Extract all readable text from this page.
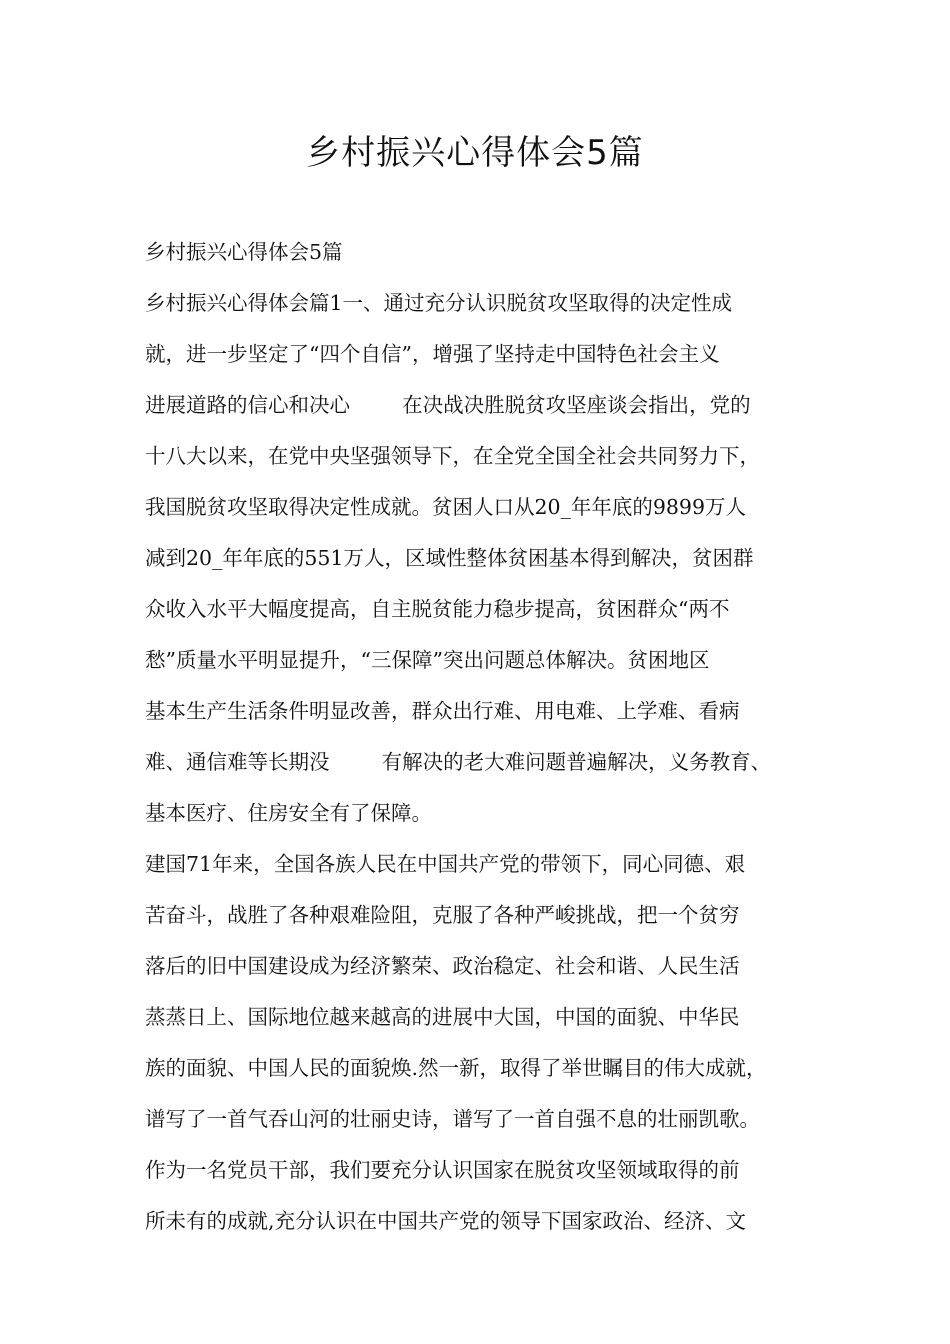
乡村振兴心得体会5篇
乡村振兴心得体会5篇
乡村振兴心得体会篇1一、通过充分认识脱贫攻坚取得的决定性成
就，进一步坚定了“四个自信”，增强了坚持走中国特色社会主义
进展道路的信心和决心        在决战决胜脱贫攻坚座谈会指出，党的
十八大以来，在党中央坚强领导下，在全党全国全社会共同努力下，
我国脱贫攻坚取得决定性成就。贫困人口从20_年年底的9899万人
减到20_年年底的551万人，区域性整体贫困基本得到解决，贫困群
众收入水平大幅度提高，自主脱贫能力稳步提高，贫困群众“两不
愁”质量水平明显提升，“三保障”突出问题总体解决。贫困地区
基本生产生活条件明显改善，群众出行难、用电难、上学难、看病
难、通信难等长期没        有解决的老大难问题普遍解决，义务教育、
基本医疗、住房安全有了保障。
建国71年来，全国各族人民在中国共产党的带领下，同心同德、艰
苦奋斗，战胜了各种艰难险阻，克服了各种严峻挑战，把一个贫穷
落后的旧中国建设成为经济繁荣、政治稳定、社会和谐、人民生活
蒸蒸日上、国际地位越来越高的进展中大国，中国的面貌、中华民
族的面貌、中国人民的面貌焕.然一新，取得了举世瞩目的伟大成就，
谱写了一首气吞山河的壮丽史诗，谱写了一首自强不息的壮丽凯歌。
作为一名党员干部，我们要充分认识国家在脱贫攻坚领域取得的前
所未有的成就,充分认识在中国共产党的领导下国家政治、经济、文
